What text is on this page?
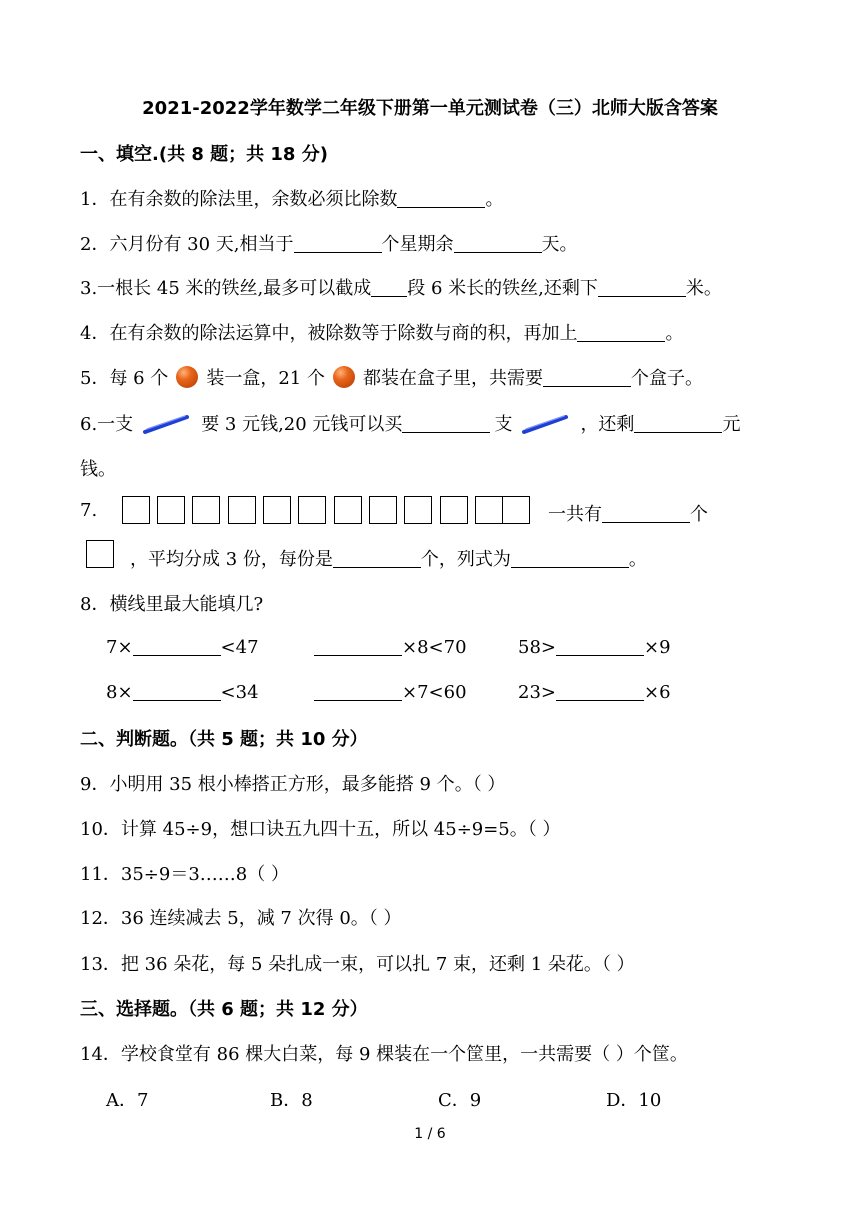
2021-2022学年数学二年级下册第一单元测试卷（三）北师大版含答案
一、填空.(共 8 题；共 18 分)
1．在有余数的除法里，余数必须比除数	。
2．六月份有 30 天,相当于	个星期余	天。
3.一根长 45 米的铁丝,最多可以截成 段 6 米长的铁丝,还剩下	米。
4．在有余数的除法运算中，被除数等于除数与商的积，再加上	。
5．每 6 个 装一盒，21 个 都装在盒子里，共需要	个盒子。
6.一支	要 3 元钱,20 元钱可以买	支	，还剩	元
钱。
7.	一共有	个
，平均分成 3 份，每份是	个，列式为	。
8．横线里最大能填几?
7×	<47	×8<70	58>	×9
8×	<34	×7<60	23>	×6
二、判断题。（共 5 题；共 10 分）
9．小明用 35 根小棒搭正方形，最多能搭 9 个。（ ）
10．计算 45÷9，想口诀五九四十五，所以 45÷9=5。（ ）
11．35÷9＝3……8（ ）
12．36 连续减去 5，减 7 次得 0。（ ）
13．把 36 朵花，每 5 朵扎成一束，可以扎 7 束，还剩 1 朵花。（ ）
三、选择题。（共 6 题；共 12 分）
14．学校食堂有 86 棵大白菜，每 9 棵装在一个筐里，一共需要（ ）个筐。
A．7	B．8	C．9	D．10
1 / 6
